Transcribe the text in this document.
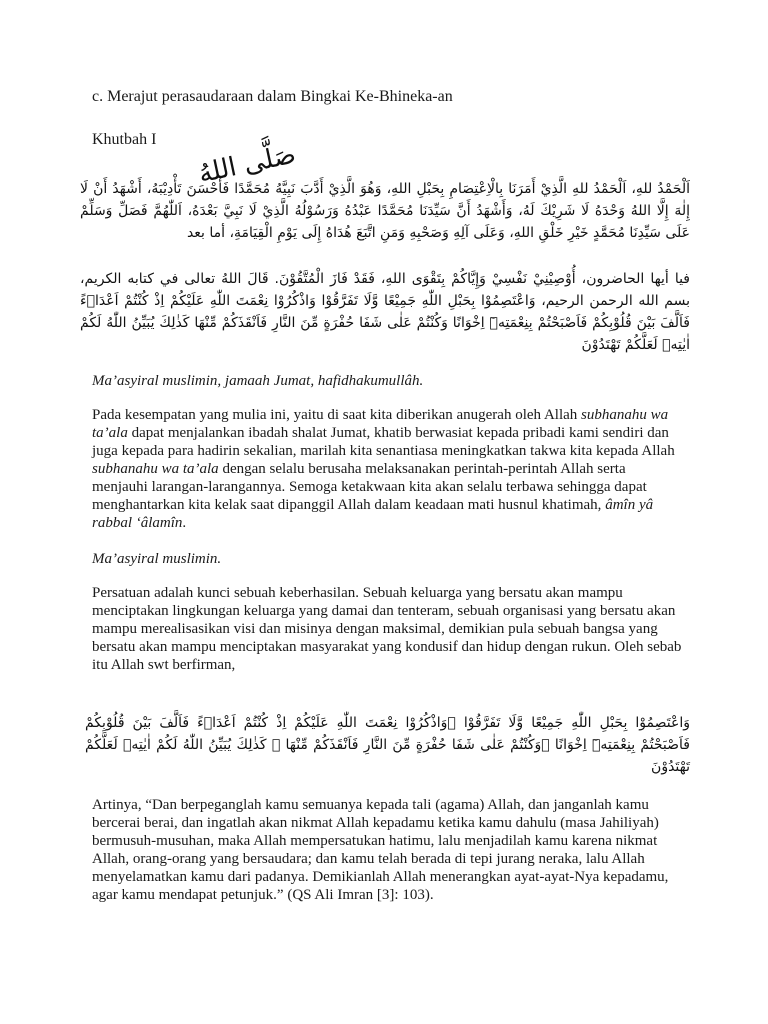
c. Merajut perasaudaraan dalam Bingkai Ke-Bhineka-an
Khutbah I
صَلَّى اللهُ
اَلْحَمْدُ للهِ، اَلْحَمْدُ للهِ الَّذِيْ أَمَرَنَا بِالْاِعْتِصَامِ بِحَبْلِ اللهِ، وَهُوَ الَّذِيْ أَدَّبَ نَبِيَّهُ مُحَمَّدًا فَأَحْسَنَ تَأْدِيْبَهُ، أَشْهَدُ أَنْ لَا إِلٰهَ إِلَّا اللهُ وَحْدَهُ لَا شَرِيْكَ لَهُ، وَأَشْهَدُ أَنَّ سَيِّدَنَا مُحَمَّدًا عَبْدُهُ وَرَسُوْلُهُ الَّذِيْ لَا نَبِيَّ بَعْدَهُ، اَللّٰهُمَّ فَصَلِّ وَسَلِّمْ عَلَى سَيِّدِنَا مُحَمَّدٍ خَيْرِ خَلْقِ اللهِ، وَعَلَى آلِهِ وَصَحْبِهِ وَمَنِ اتَّبَعَ هُدَاهُ إِلَى يَوْمِ الْقِيَامَةِ، أما بعد
فيا أيها الحاضرون، أُوْصِيْنِيْ نَفْسِيْ وَإِيَّاكُمْ بِتَقْوَى اللهِ، فَقَدْ فَازَ الْمُتَّقُوْنَ. قَالَ اللهُ تعالى في كتابه الكريم، بسم الله الرحمن الرحيم، وَاعْتَصِمُوْا بِحَبْلِ اللّٰهِ جَمِيْعًا وَّلَا تَفَرَّقُوْا وَاذْكُرُوْا نِعْمَتَ اللّٰهِ عَلَيْكُمْ اِذْ كُنْتُمْ اَعْدَاۤءً فَاَلَّفَ بَيْنَ قُلُوْبِكُمْ فَاَصْبَحْتُمْ بِنِعْمَتِهٖٓ اِخْوَانًا وَكُنْتُمْ عَلٰى شَفَا حُفْرَةٍ مِّنَ النَّارِ فَاَنْقَذَكُمْ مِّنْهَا كَذٰلِكَ يُبَيِّنُ اللّٰهُ لَكُمْ اٰيٰتِهٖ لَعَلَّكُمْ تَهْتَدُوْنَ
Ma’asyiral muslimin, jamaah Jumat, hafidhakumullâh.

Pada kesempatan yang mulia ini, yaitu di saat kita diberikan anugerah oleh Allah subhanahu wa ta’ala dapat menjalankan ibadah shalat Jumat, khatib berwasiat kepada pribadi kami sendiri dan juga kepada para hadirin sekalian, marilah kita senantiasa meningkatkan takwa kita kepada Allah subhanahu wa ta’ala dengan selalu berusaha melaksanakan perintah-perintah Allah serta menjauhi larangan-larangannya. Semoga ketakwaan kita akan selalu terbawa sehingga dapat menghantarkan kita kelak saat dipanggil Allah dalam keadaan mati husnul khatimah, âmîn yâ rabbal ‘âlamîn.

Ma’asyiral muslimin.

Persatuan adalah kunci sebuah keberhasilan. Sebuah keluarga yang bersatu akan mampu menciptakan lingkungan keluarga yang damai dan tenteram, sebuah organisasi yang bersatu akan mampu merealisasikan visi dan misinya dengan maksimal, demikian pula sebuah bangsa yang bersatu akan mampu menciptakan masyarakat yang kondusif dan hidup dengan rukun. Oleh sebab itu Allah swt berfirman,

وَاعْتَصِمُوْا بِحَبْلِ اللّٰهِ جَمِيْعًا وَّلَا تَفَرَّقُوْا ۖوَاذْكُرُوْا نِعْمَتَ اللّٰهِ عَلَيْكُمْ اِذْ كُنْتُمْ اَعْدَاۤءً فَاَلَّفَ بَيْنَ قُلُوْبِكُمْ فَاَصْبَحْتُمْ بِنِعْمَتِهٖٓ اِخْوَانًا ۚوَكُنْتُمْ عَلٰى شَفَا حُفْرَةٍ مِّنَ النَّارِ فَاَنْقَذَكُمْ مِّنْهَا ۗ كَذٰلِكَ يُبَيِّنُ اللّٰهُ لَكُمْ اٰيٰتِهٖ لَعَلَّكُمْ تَهْتَدُوْنَ

Artinya, “Dan berpeganglah kamu semuanya kepada tali (agama) Allah, dan janganlah kamu bercerai berai, dan ingatlah akan nikmat Allah kepadamu ketika kamu dahulu (masa Jahiliyah) bermusuh-musuhan, maka Allah mempersatukan hatimu, lalu menjadilah kamu karena nikmat Allah, orang-orang yang bersaudara; dan kamu telah berada di tepi jurang neraka, lalu Allah menyelamatkan kamu dari padanya. Demikianlah Allah menerangkan ayat-ayat-Nya kepadamu, agar kamu mendapat petunjuk.” (QS Ali Imran [3]: 103).
